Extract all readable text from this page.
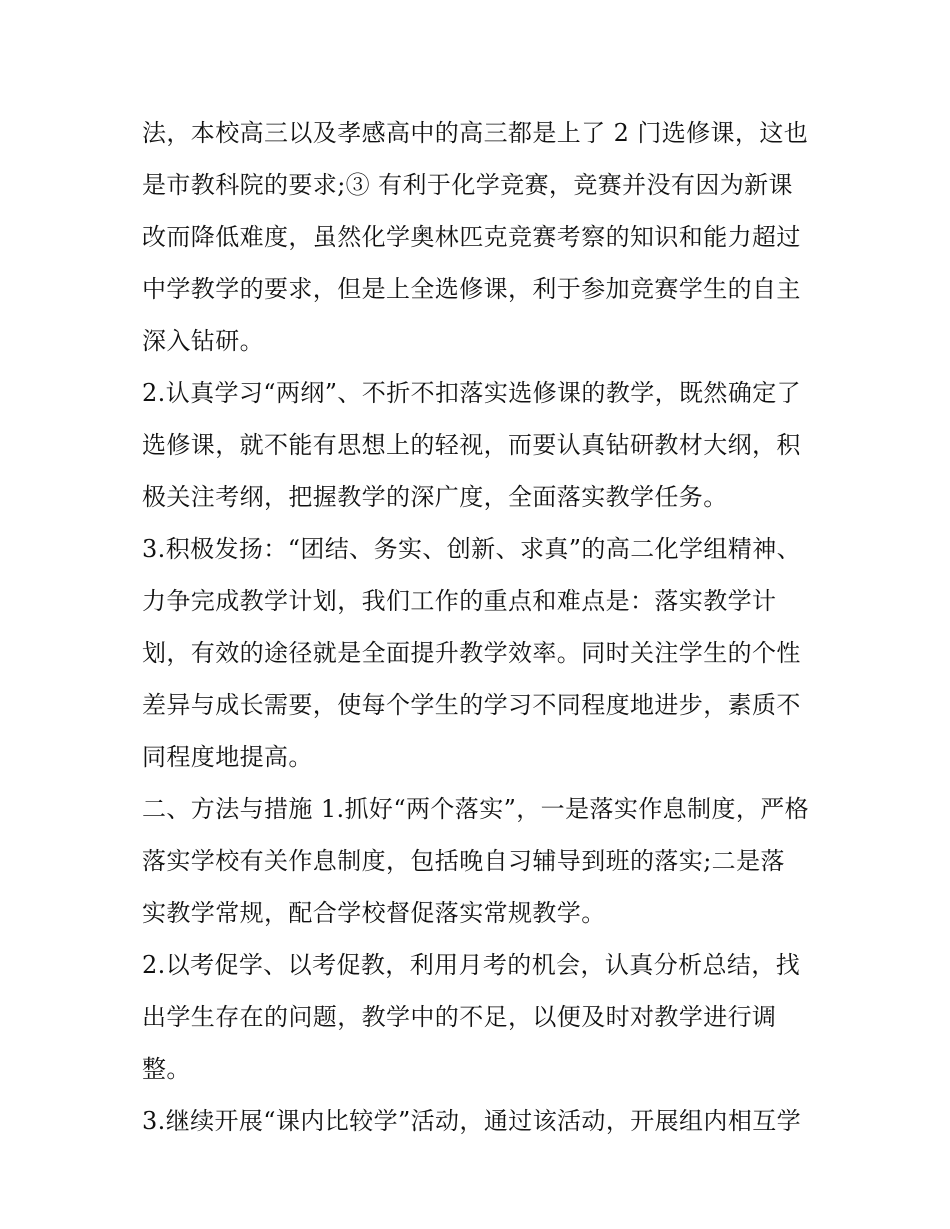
法，本校高三以及孝感高中的高三都是上了 2 门选修课，这也
是市教科院的要求;③ 有利于化学竞赛，竞赛并没有因为新课
改而降低难度，虽然化学奥林匹克竞赛考察的知识和能力超过
中学教学的要求，但是上全选修课，利于参加竞赛学生的自主
深入钻研。
2.认真学习“两纲”、不折不扣落实选修课的教学，既然确定了
选修课，就不能有思想上的轻视，而要认真钻研教材大纲，积
极关注考纲，把握教学的深广度，全面落实教学任务。
3.积极发扬：“团结、务实、创新、求真”的高二化学组精神、
力争完成教学计划，我们工作的重点和难点是：落实教学计
划，有效的途径就是全面提升教学效率。同时关注学生的个性
差异与成长需要，使每个学生的学习不同程度地进步，素质不
同程度地提高。
二、方法与措施 1.抓好“两个落实”，一是落实作息制度，严格
落实学校有关作息制度，包括晚自习辅导到班的落实;二是落
实教学常规，配合学校督促落实常规教学。
2.以考促学、以考促教，利用月考的机会，认真分析总结，找
出学生存在的问题，教学中的不足，以便及时对教学进行调
整。
3.继续开展“课内比较学”活动，通过该活动，开展组内相互学
